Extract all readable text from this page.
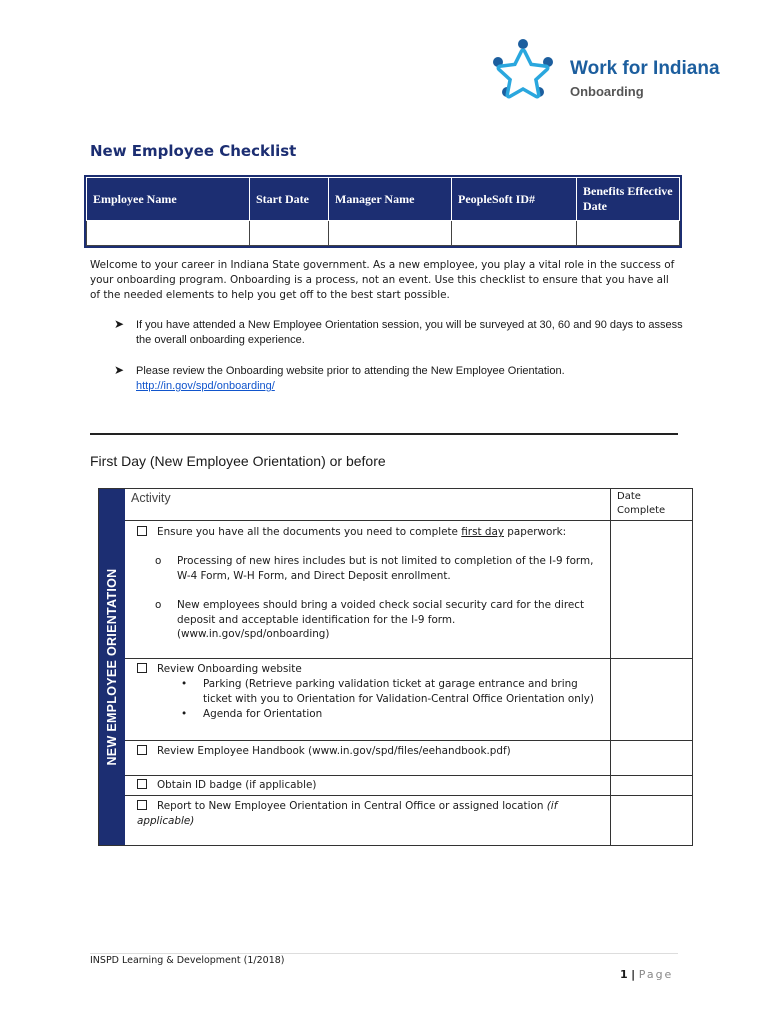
Work for Indiana
Onboarding
New Employee Checklist
Employee Name	Start Date	Manager Name	PeopleSoft ID#	Benefits Effective Date

Welcome to your career in Indiana State government. As a new employee, you play a vital role in the success of your onboarding program. Onboarding is a process, not an event. Use this checklist to ensure that you have all of the needed elements to help you get off to the best start possible.
➤ If you have attended a New Employee Orientation session, you will be surveyed at 30, 60 and 90 days to assess the overall onboarding experience.
➤ Please review the Onboarding website prior to attending the New Employee Orientation.
http://in.gov/spd/onboarding/
First Day (New Employee Orientation) or before
NEW EMPLOYEE ORIENTATION
Activity	Date Complete
Ensure you have all the documents you need to complete first day paperwork:
o Processing of new hires includes but is not limited to completion of the I-9 form, W-4 Form, W-H Form, and Direct Deposit enrollment.
o New employees should bring a voided check social security card for the direct deposit and acceptable identification for the I-9 form. (www.in.gov/spd/onboarding)
Review Onboarding website
• Parking (Retrieve parking validation ticket at garage entrance and bring ticket with you to Orientation for Validation-Central Office Orientation only)
• Agenda for Orientation
Review Employee Handbook (www.in.gov/spd/files/eehandbook.pdf)
Obtain ID badge (if applicable)
Report to New Employee Orientation in Central Office or assigned location (if applicable)
INSPD Learning & Development (1/2018)
1 | Page
